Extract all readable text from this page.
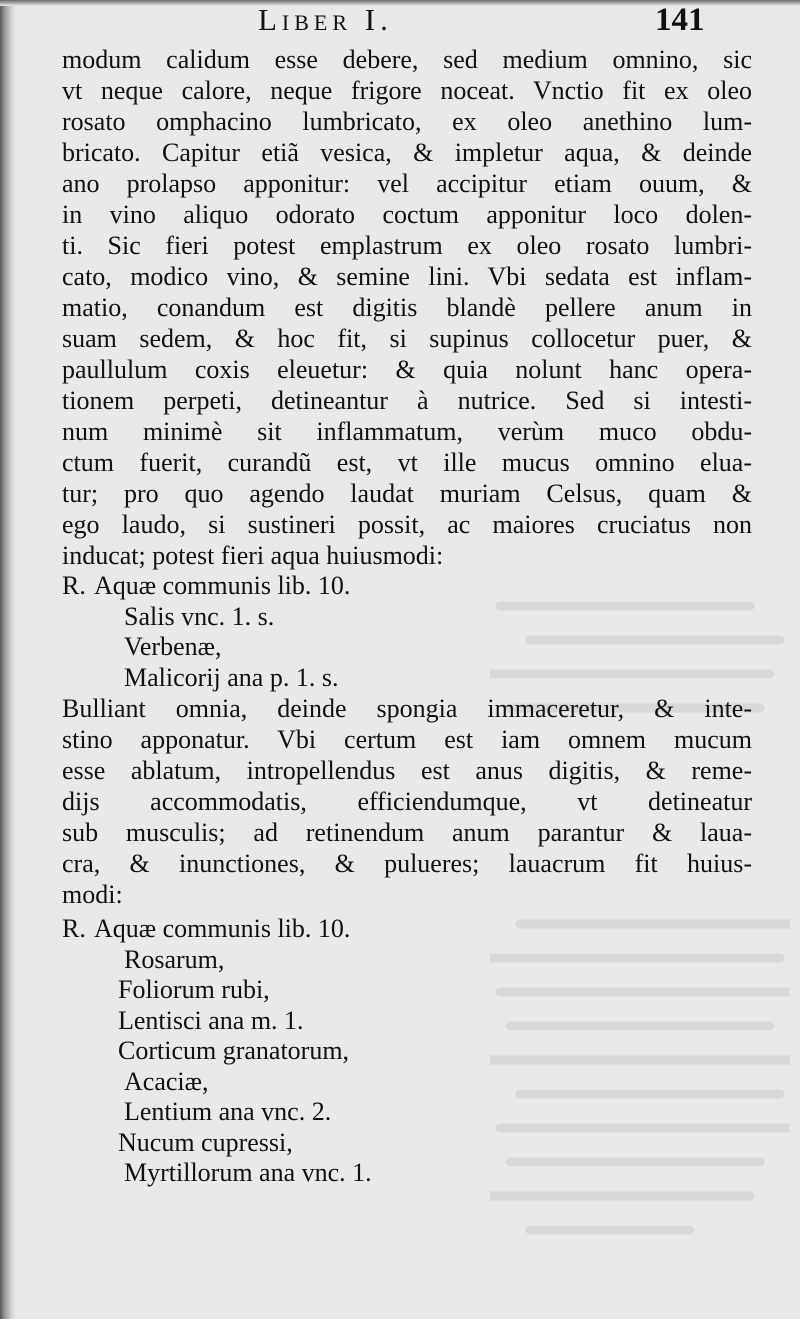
Liber I.	141
modum calidum esse debere, sed medium omnino, sic
vt neque calore, neque frigore noceat. Vnctio fit ex oleo
rosato omphacino lumbricato, ex oleo anethino lum-
bricato. Capitur etiã vesica, & impletur aqua, & deinde
ano prolapso apponitur: vel accipitur etiam ouum, &
in vino aliquo odorato coctum apponitur loco dolen-
ti. Sic fieri potest emplastrum ex oleo rosato lumbri-
cato, modico vino, & semine lini. Vbi sedata est inflam-
matio, conandum est digitis blandè pellere anum in
suam sedem, & hoc fit, si supinus collocetur puer, &
paullulum coxis eleuetur: & quia nolunt hanc opera-
tionem perpeti, detineantur à nutrice. Sed si intesti-
num minimè sit inflammatum, verùm muco obdu-
ctum fuerit, curandũ est, vt ille mucus omnino elua-
tur; pro quo agendo laudat muriam Celsus, quam &
ego laudo, si sustineri possit, ac maiores cruciatus non
inducat; potest fieri aqua huiusmodi:
R. Aquæ communis lib. 10.
Salis vnc. 1. s.
Verbenæ,
Malicorij ana p. 1. s.
Bulliant omnia, deinde spongia immaceretur, & inte-
stino apponatur. Vbi certum est iam omnem mucum
esse ablatum, intropellendus est anus digitis, & reme-
dijs accommodatis, efficiendumque, vt detineatur
sub musculis; ad retinendum anum parantur & laua-
cra, & inunctiones, & pulueres; lauacrum fit huius-
modi:
R. Aquæ communis lib. 10.
Rosarum,
Foliorum rubi,
Lentisci ana m. 1.
Corticum granatorum,
Acaciæ,
Lentium ana vnc. 2.
Nucum cupressi,
Myrtillorum ana vnc. 1.
